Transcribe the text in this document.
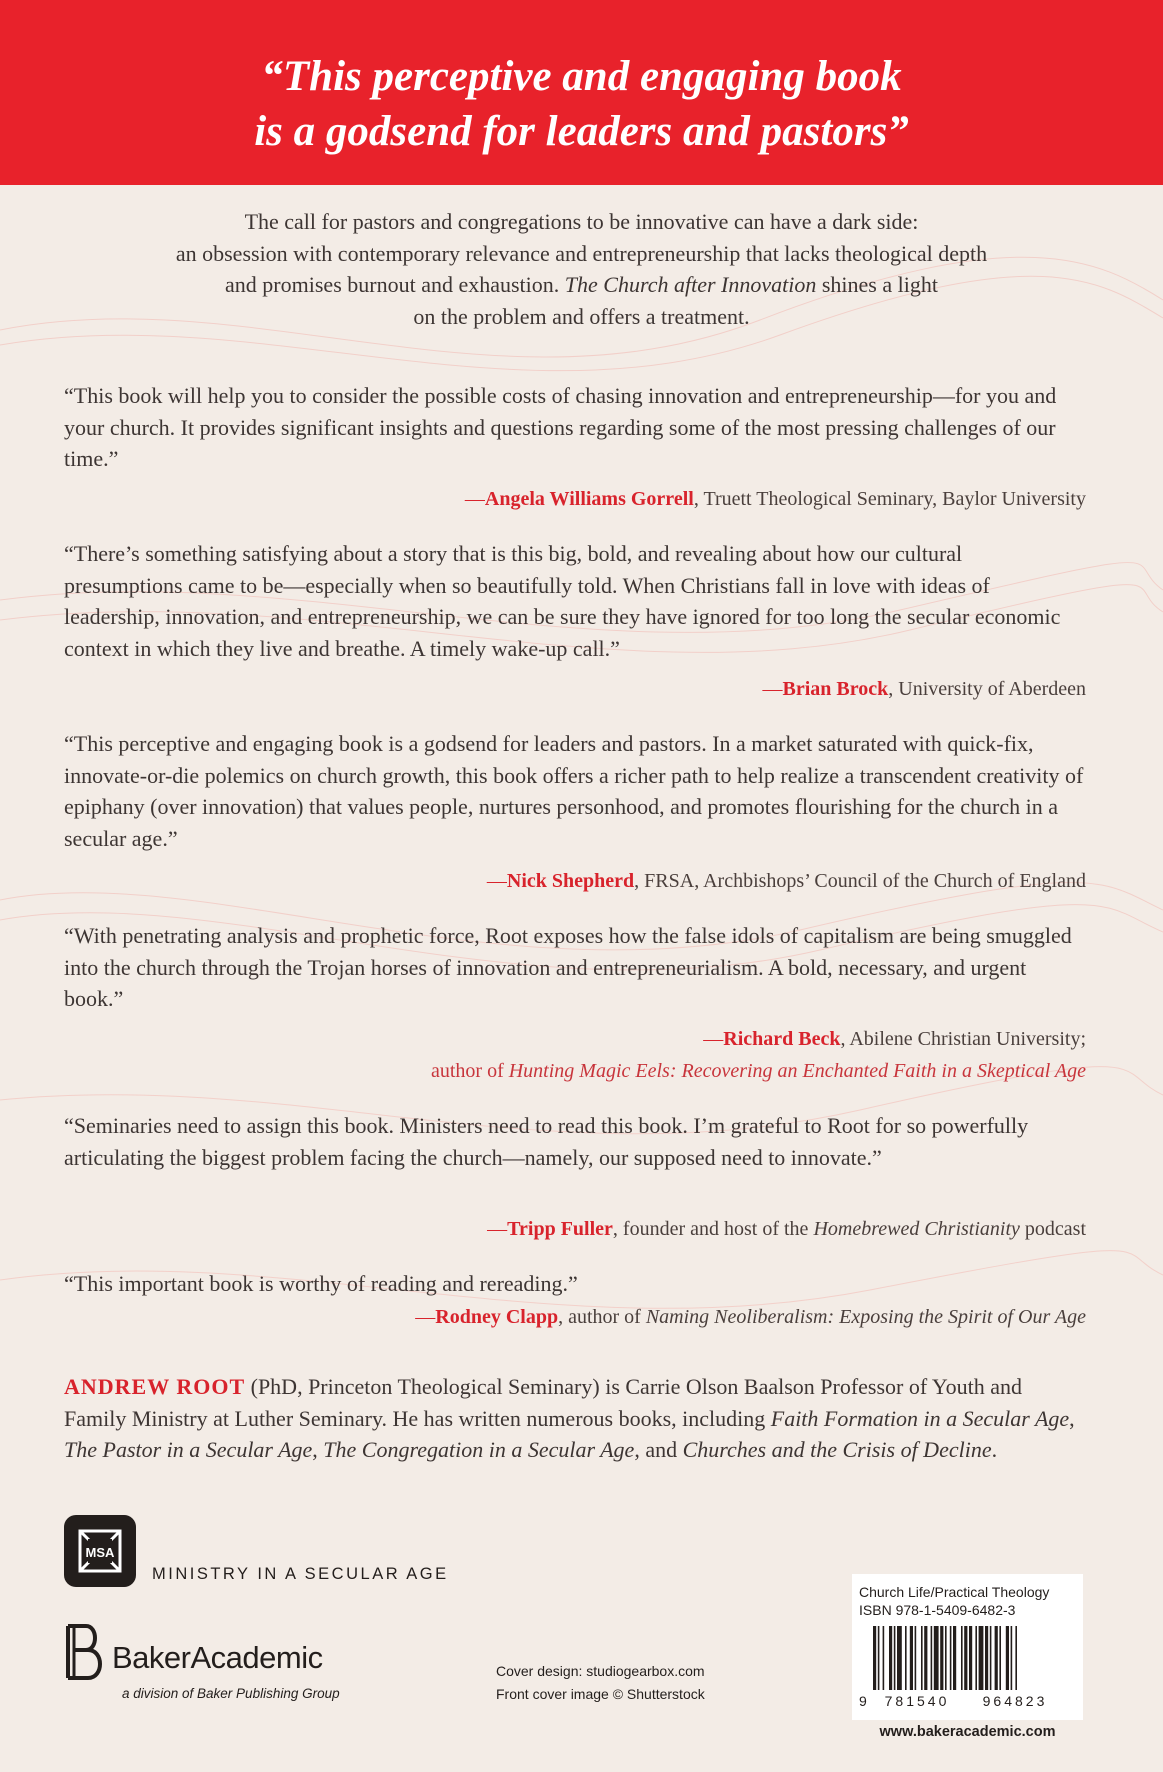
“This perceptive and engaging book
is a godsend for leaders and pastors”

The call for pastors and congregations to be innovative can have a dark side:

an obsession with contemporary relevance and entrepreneurship that lacks theological depth

and promises burnout and exhaustion. The Church after Innovation shines a light

on the problem and offers a treatment.

“This book will help you to consider the possible costs of chasing innovation and entrepreneurship—for you and your church. It provides significant insights and questions regarding some of the most pressing challenges of our time.”

—Angela Williams Gorrell, Truett Theological Seminary, Baylor University

“There’s something satisfying about a story that is this big, bold, and revealing about how our cultural presumptions came to be—especially when so beautifully told. When Christians fall in love with ideas of leadership, innovation, and entrepreneurship, we can be sure they have ignored for too long the secular economic context in which they live and breathe. A timely wake-up call.”

—Brian Brock, University of Aberdeen

“This perceptive and engaging book is a godsend for leaders and pastors. In a market saturated with quick-fix, innovate-or-die polemics on church growth, this book offers a richer path to help realize a transcendent creativity of epiphany (over innovation) that values people, nurtures personhood, and promotes flourishing for the church in a secular age.”

—Nick Shepherd, FRSA, Archbishops’ Council of the Church of England

“With penetrating analysis and prophetic force, Root exposes how the false idols of capitalism are being smuggled into the church through the Trojan horses of innovation and entrepreneurialism. A bold, necessary, and urgent book.”

—Richard Beck, Abilene Christian University;
author of Hunting Magic Eels: Recovering an Enchanted Faith in a Skeptical Age

“Seminaries need to assign this book. Ministers need to read this book. I’m grateful to Root for so powerfully articulating the biggest problem facing the church—namely, our supposed need to innovate.”

—Tripp Fuller, founder and host of the Homebrewed Christianity podcast

“This important book is worthy of reading and rereading.”

—Rodney Clapp, author of Naming Neoliberalism: Exposing the Spirit of Our Age

ANDREW ROOT (PhD, Princeton Theological Seminary) is Carrie Olson Baalson Professor of Youth and Family Ministry at Luther Seminary. He has written numerous books, including Faith Formation in a Secular Age, The Pastor in a Secular Age, The Congregation in a Secular Age, and Churches and the Crisis of Decline.

MSA
MINISTRY IN A SECULAR AGE
BakerAcademic
a division of Baker Publishing Group
Cover design: studiogearbox.com
Front cover image © Shutterstock
Church Life/Practical Theology
ISBN 978-1-5409-6482-3
9 781540 964823
www.bakeracademic.com
